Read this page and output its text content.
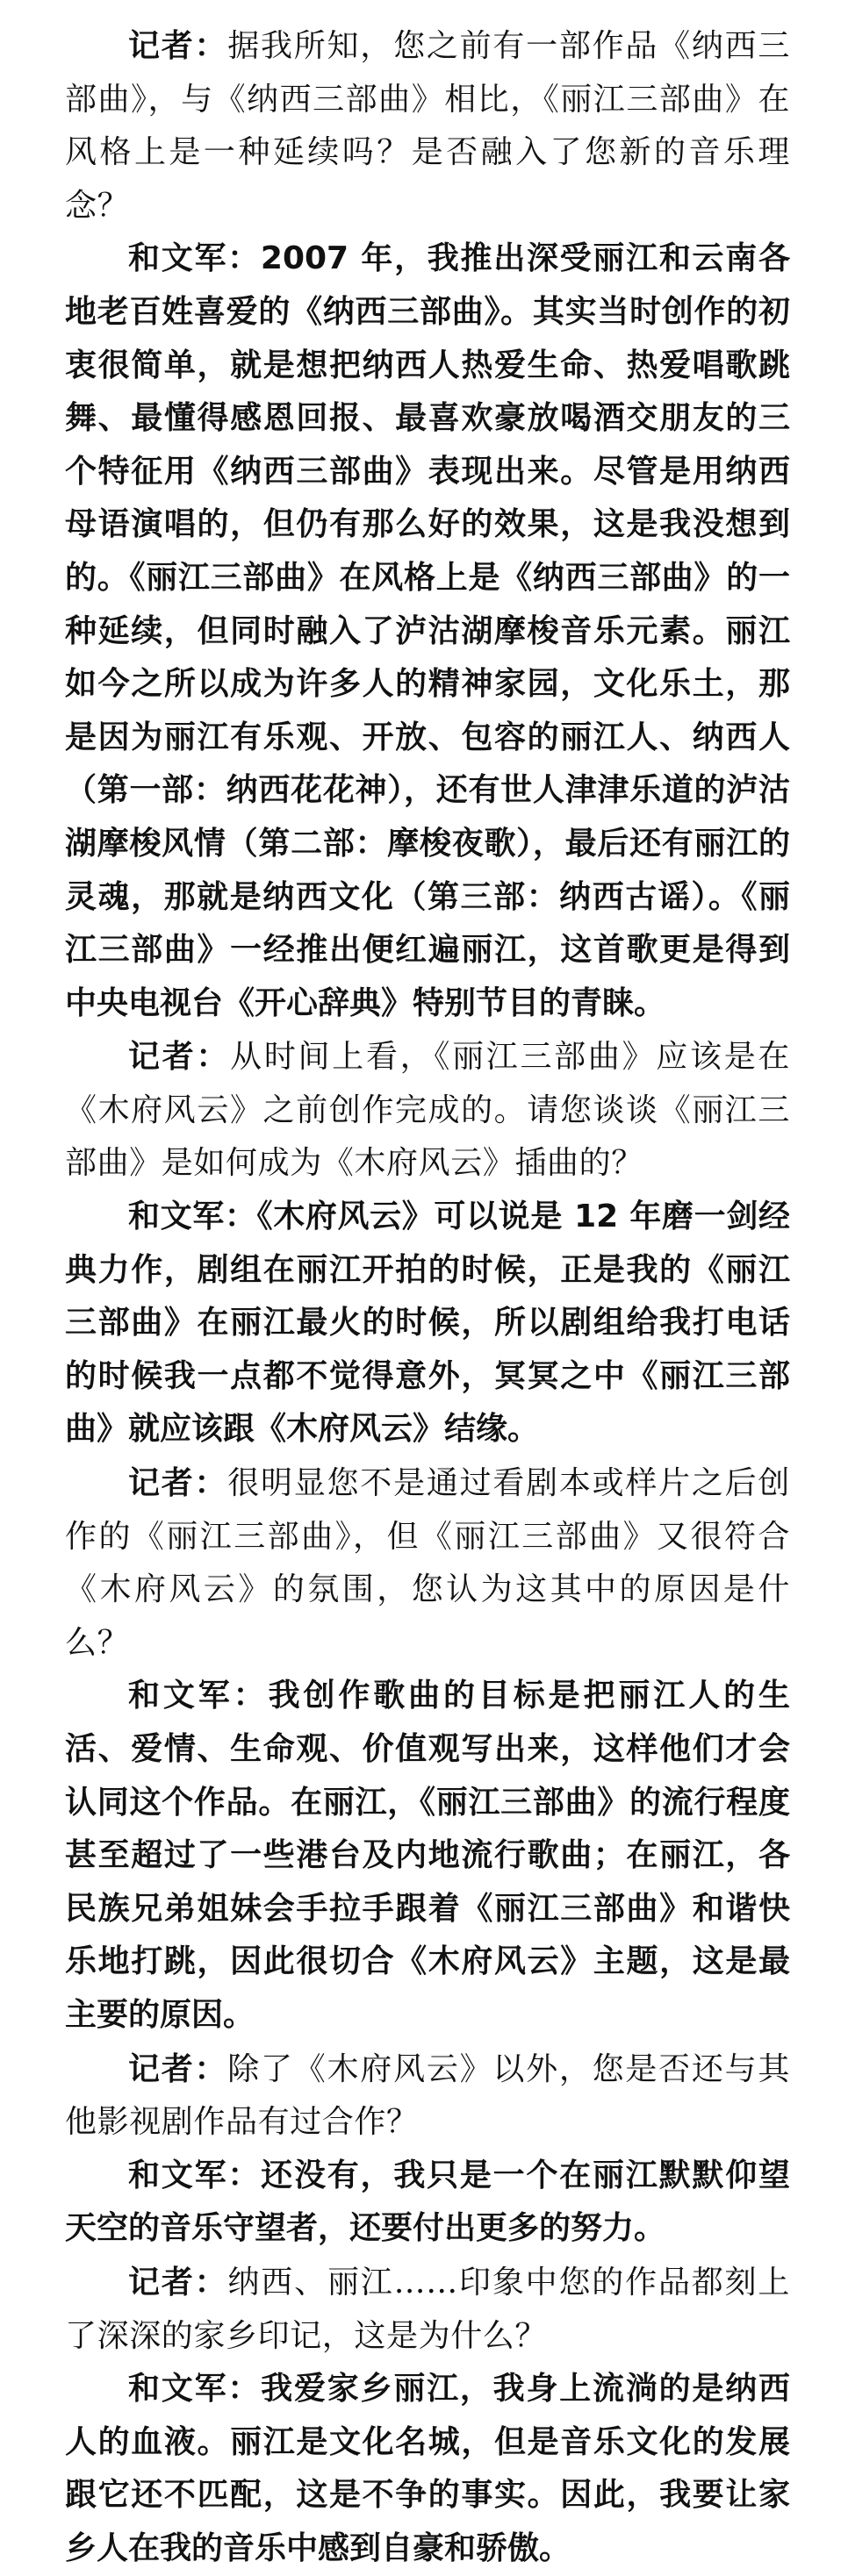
记者：据我所知，您之前有一部作品《纳西三部曲》，与《纳西三部曲》相比，《丽江三部曲》在风格上是一种延续吗？是否融入了您新的音乐理念？

和文军：2007 年，我推出深受丽江和云南各地老百姓喜爱的《纳西三部曲》。其实当时创作的初衷很简单，就是想把纳西人热爱生命、热爱唱歌跳舞、最懂得感恩回报、最喜欢豪放喝酒交朋友的三个特征用《纳西三部曲》表现出来。尽管是用纳西母语演唱的，但仍有那么好的效果，这是我没想到的。《丽江三部曲》在风格上是《纳西三部曲》的一种延续，但同时融入了泸沽湖摩梭音乐元素。丽江如今之所以成为许多人的精神家园，文化乐土，那是因为丽江有乐观、开放、包容的丽江人、纳西人（第一部：纳西花花神），还有世人津津乐道的泸沽湖摩梭风情（第二部：摩梭夜歌），最后还有丽江的灵魂，那就是纳西文化（第三部：纳西古谣）。《丽江三部曲》一经推出便红遍丽江，这首歌更是得到中央电视台《开心辞典》特别节目的青睐。

记者：从时间上看，《丽江三部曲》应该是在《木府风云》之前创作完成的。请您谈谈《丽江三部曲》是如何成为《木府风云》插曲的？

和文军：《木府风云》可以说是 12 年磨一剑经典力作，剧组在丽江开拍的时候，正是我的《丽江三部曲》在丽江最火的时候，所以剧组给我打电话的时候我一点都不觉得意外，冥冥之中《丽江三部曲》就应该跟《木府风云》结缘。

记者：很明显您不是通过看剧本或样片之后创作的《丽江三部曲》，但《丽江三部曲》又很符合《木府风云》的氛围，您认为这其中的原因是什么？

和文军：我创作歌曲的目标是把丽江人的生活、爱情、生命观、价值观写出来，这样他们才会认同这个作品。在丽江，《丽江三部曲》的流行程度甚至超过了一些港台及内地流行歌曲；在丽江，各民族兄弟姐妹会手拉手跟着《丽江三部曲》和谐快乐地打跳，因此很切合《木府风云》主题，这是最主要的原因。

记者：除了《木府风云》以外，您是否还与其他影视剧作品有过合作？

和文军：还没有，我只是一个在丽江默默仰望天空的音乐守望者，还要付出更多的努力。

记者：纳西、丽江……印象中您的作品都刻上了深深的家乡印记，这是为什么？

和文军：我爱家乡丽江，我身上流淌的是纳西人的血液。丽江是文化名城，但是音乐文化的发展跟它还不匹配，这是不争的事实。因此，我要让家乡人在我的音乐中感到自豪和骄傲。
